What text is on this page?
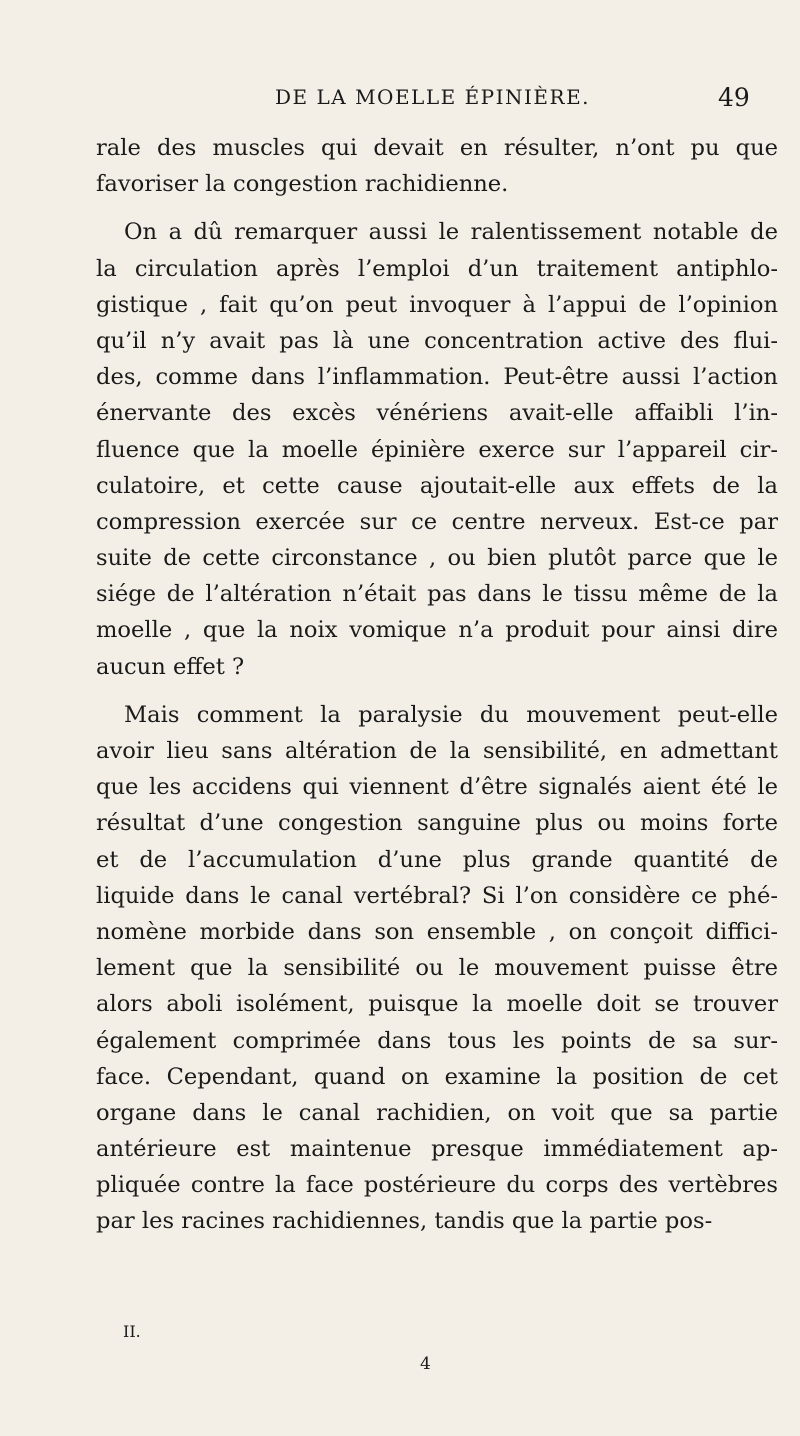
DE LA MOELLE ÉPINIÈRE.	49
rale des muscles qui devait en résulter, n’ont pu que
favoriser la congestion rachidienne.
On a dû remarquer aussi le ralentissement notable de
la circulation après l’emploi d’un traitement antiphlo-
gistique , fait qu’on peut invoquer à l’appui de l’opinion
qu’il n’y avait pas là une concentration active des flui-
des, comme dans l’inflammation. Peut-être aussi l’action
énervante des excès vénériens avait-elle affaibli l’in-
fluence que la moelle épinière exerce sur l’appareil cir-
culatoire, et cette cause ajoutait-elle aux effets de la
compression exercée sur ce centre nerveux. Est-ce par
suite de cette circonstance , ou bien plutôt parce que le
siége de l’altération n’était pas dans le tissu même de la
moelle , que la noix vomique n’a produit pour ainsi dire
aucun effet ?
Mais comment la paralysie du mouvement peut-elle
avoir lieu sans altération de la sensibilité, en admettant
que les accidens qui viennent d’être signalés aient été le
résultat d’une congestion sanguine plus ou moins forte
et de l’accumulation d’une plus grande quantité de
liquide dans le canal vertébral? Si l’on considère ce phé-
nomène morbide dans son ensemble , on conçoit diffici-
lement que la sensibilité ou le mouvement puisse être
alors aboli isolément, puisque la moelle doit se trouver
également comprimée dans tous les points de sa sur-
face. Cependant, quand on examine la position de cet
organe dans le canal rachidien, on voit que sa partie
antérieure est maintenue presque immédiatement ap-
pliquée contre la face postérieure du corps des vertèbres
par les racines rachidiennes, tandis que la partie pos-
II.
4
